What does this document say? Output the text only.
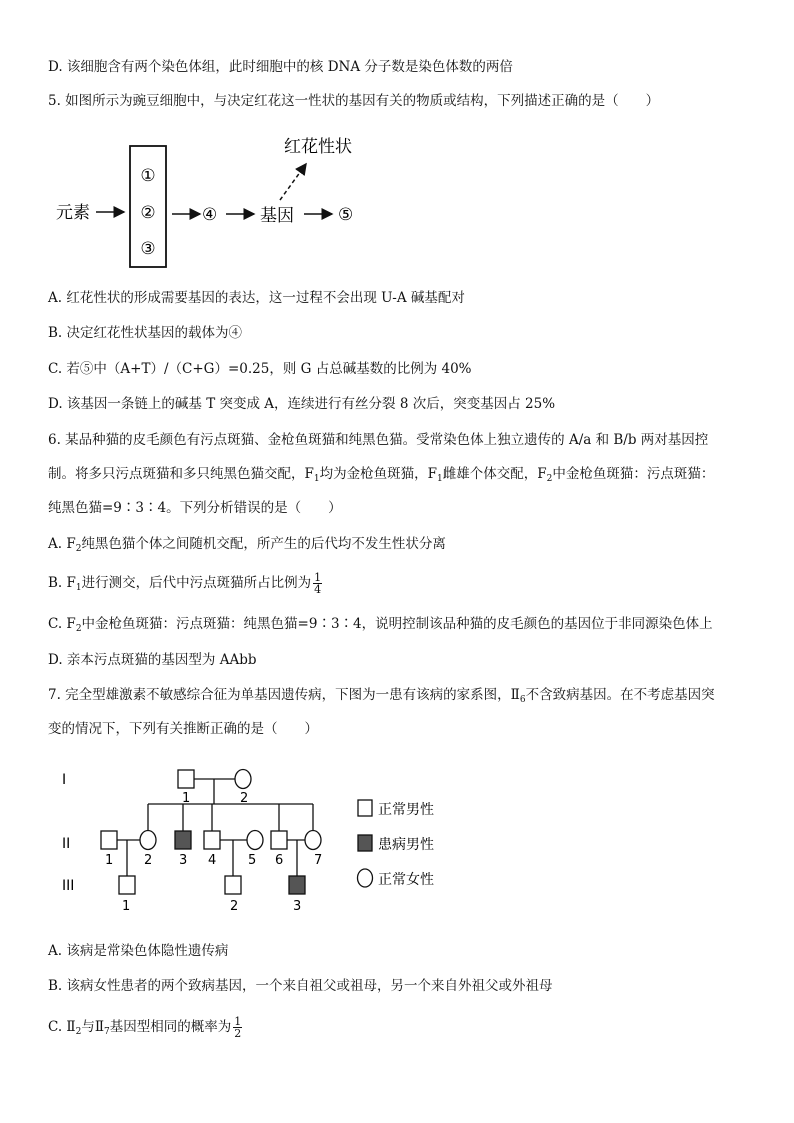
D. 该细胞含有两个染色体组，此时细胞中的核 DNA 分子数是染色体数的两倍
5. 如图所示为豌豆细胞中，与决定红花这一性状的基因有关的物质或结构，下列描述正确的是（　　）
元素
①
②
③
④	基因
红花性状
⑤
A. 红花性状的形成需要基因的表达，这一过程不会出现 U-A 碱基配对
B. 决定红花性状基因的载体为④
C. 若⑤中（A+T）/（C+G）=0.25，则 G 占总碱基数的比例为 40%
D. 该基因一条链上的碱基 T 突变成 A，连续进行有丝分裂 8 次后，突变基因占 25%
6. 某品种猫的皮毛颜色有污点斑猫、金枪鱼斑猫和纯黑色猫。受常染色体上独立遗传的 A/a 和 B/b 两对基因控
制。将多只污点斑猫和多只纯黑色猫交配，$F_1$均为金枪鱼斑猫，$F_1$雌雄个体交配，$F_2$中金枪鱼斑猫：污点斑猫：
纯黑色猫=9∶3∶4。下列分析错误的是（　　）
A. $F_2$纯黑色猫个体之间随机交配，所产生的后代均不发生性状分离
B. $F_1$进行测交，后代中污点斑猫所占比例为 $\frac{1}{4}$
C. $F_2$中金枪鱼斑猫：污点斑猫：纯黑色猫=9∶3∶4，说明控制该品种猫的皮毛颜色的基因位于非同源染色体上
D. 亲本污点斑猫的基因型为 AAbb
7. 完全型雄激素不敏感综合征为单基因遗传病，下图为一患有该病的家系图，$Ⅱ_6$不含致病基因。在不考虑基因突
变的情况下，下列有关推断正确的是（　　）
I
II
III
1	2
1 2 3 4 5 6 7
1	2	3
正常男性
患病男性
正常女性
A. 该病是常染色体隐性遗传病
B. 该病女性患者的两个致病基因，一个来自祖父或祖母，另一个来自外祖父或外祖母
C. $Ⅱ_2$与$Ⅱ_7$基因型相同的概率为 $\frac{1}{2}$
